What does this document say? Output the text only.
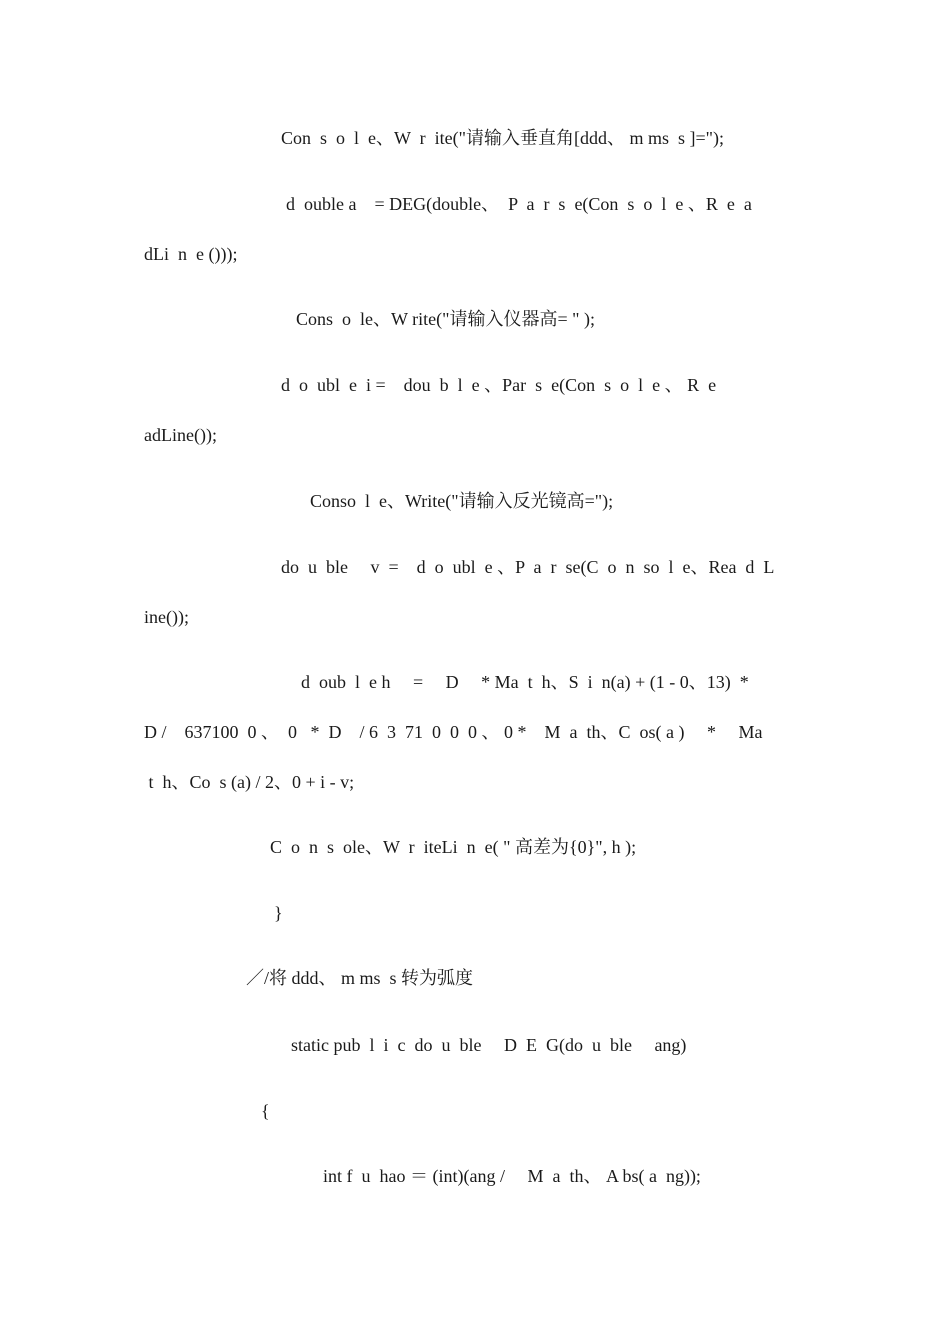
Con  s  o  l  e、W  r  ite("请输入垂直角[ddd、 m ms  s ]=");
d  ouble a    = DEG(double、  P  a  r  s  e(Con  s  o  l  e 、R  e  a
dLi  n  e ()));
Cons  o  le、W rite("请输入仪器高= " );
d  o  ubl  e  i =    dou  b  l  e 、Par  s  e(Con  s  o  l  e 、 R  e
adLine());
Conso  l  e、Write("请输入反光镜高=");
do  u  ble     v  =    d  o  ubl  e 、P  a  r  se(C  o  n  so  l  e、Rea  d  L
ine());
d  oub  l  e h     =     D     * Ma  t  h、S  i  n(a) + (1 - 0、13)  *
D /    637100  0 、  0   *  D    / 6  3  71  0  0  0 、 0 *    M  a  th、C  os( a )     *     Ma
t  h、Co  s (a) / 2、0 + i - v;
C  o  n  s  ole、W  r  iteLi  n  e( " 高差为{0}", h );
}
／/将 ddd、 m ms  s 转为弧度
static pub  l  i  c  do  u  ble     D  E  G(do  u  ble     ang)
{
int f  u  hao ＝ (int)(ang /     M  a  th、 A bs( a  ng));
